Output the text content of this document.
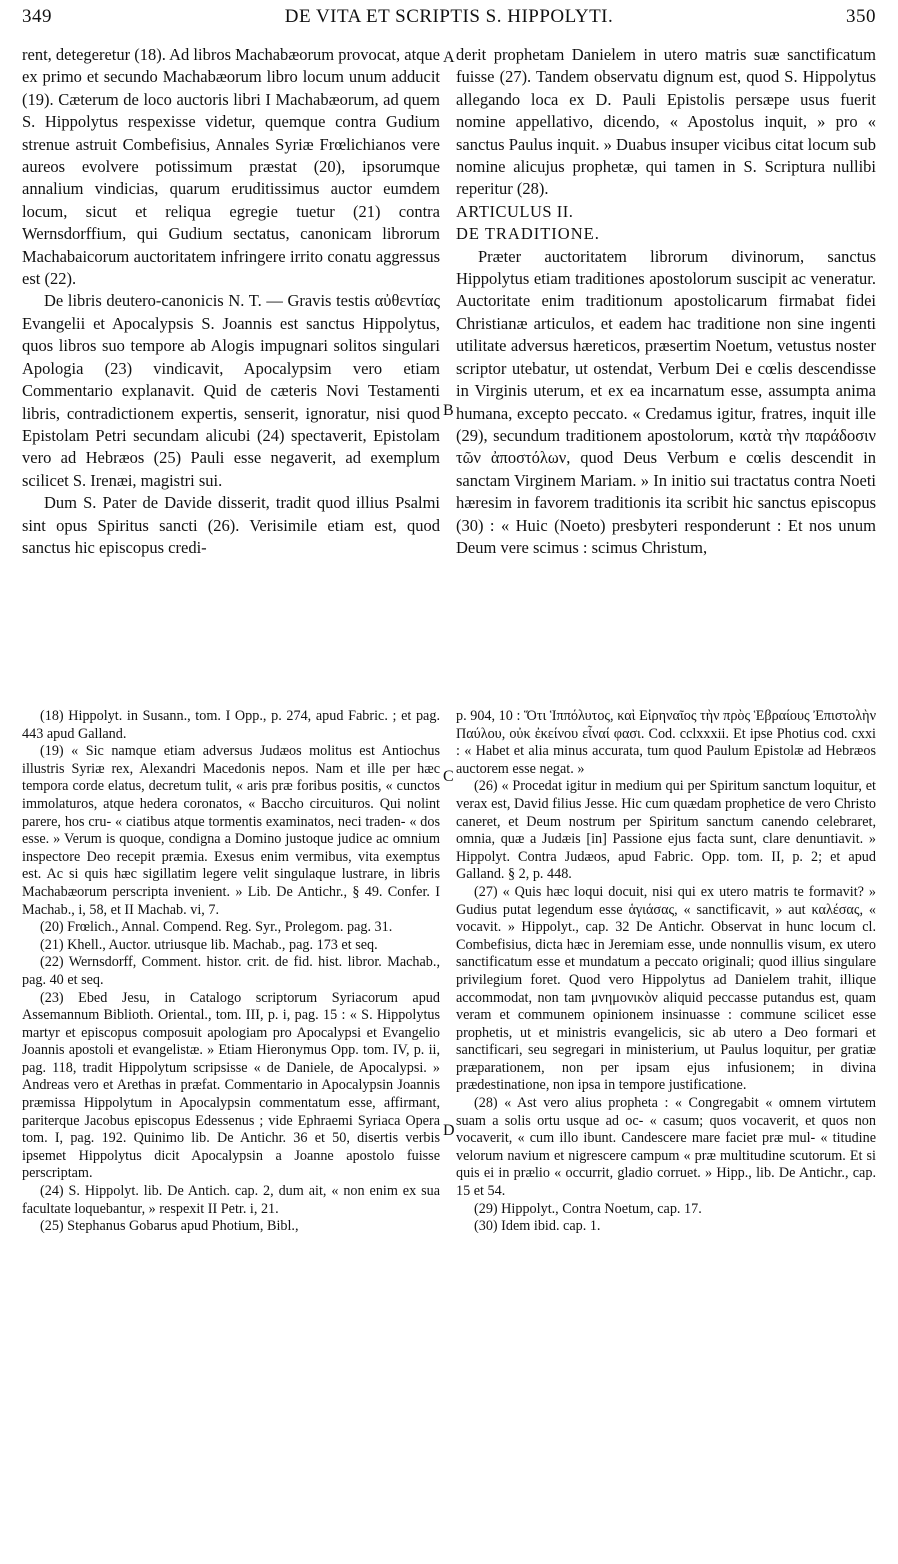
349	DE VITA ET SCRIPTIS S. HIPPOLYTI.	350
A
B
C
D

rent, detegeretur (18). Ad libros Machabæorum provocat, atque ex primo et secundo Machabæorum libro locum unum adducit (19). Cæterum de loco auctoris libri I Machabæorum, ad quem S. Hippolytus respexisse videtur, quemque contra Gudium strenue astruit Combefisius, Annales Syriæ Frœlichianos vere aureos evolvere potissimum præstat (20), ipsorumque annalium vindicias, quarum eruditissimus auctor eumdem locum, sicut et reliqua egregie tuetur (21) contra Wernsdorffium, qui Gudium sectatus, canonicam librorum Machabaicorum auctoritatem infringere irrito conatu aggressus est (22).

De libris deutero-canonicis N. T. — Gravis testis αὐθεντίας Evangelii et Apocalypsis S. Joannis est sanctus Hippolytus, quos libros suo tempore ab Alogis impugnari solitos singulari Apologia (23) vindicavit, Apocalypsim vero etiam Commentario explanavit. Quid de cæteris Novi Testamenti libris, contradictionem expertis, senserit, ignoratur, nisi quod Epistolam Petri secundam alicubi (24) spectaverit, Epistolam vero ad Hebræos (25) Pauli esse negaverit, ad exemplum scilicet S. Irenæi, magistri sui.

Dum S. Pater de Davide disserit, tradit quod illius Psalmi sint opus Spiritus sancti (26). Verisimile etiam est, quod sanctus hic episcopus credi-

derit prophetam Danielem in utero matris suæ sanctificatum fuisse (27). Tandem observatu dignum est, quod S. Hippolytus allegando loca ex D. Pauli Epistolis persæpe usus fuerit nomine appellativo, dicendo, « Apostolus inquit, » pro « sanctus Paulus inquit. » Duabus insuper vicibus citat locum sub nomine alicujus prophetæ, qui tamen in S. Scriptura nullibi reperitur (28).

ARTICULUS II.

DE TRADITIONE.

Præter auctoritatem librorum divinorum, sanctus Hippolytus etiam traditiones apostolorum suscipit ac veneratur. Auctoritate enim traditionum apostolicarum firmabat fidei Christianæ articulos, et eadem hac traditione non sine ingenti utilitate adversus hæreticos, præsertim Noetum, vetustus noster scriptor utebatur, ut ostendat, Verbum Dei e cœlis descendisse in Virginis uterum, et ex ea incarnatum esse, assumpta anima humana, excepto peccato. « Credamus igitur, fratres, inquit ille (29), secundum traditionem apostolorum, κατὰ τὴν παράδοσιν τῶν ἀποστόλων, quod Deus Verbum e cœlis descendit in sanctam Virginem Mariam. » In initio sui tractatus contra Noeti hæresim in favorem traditionis ita scribit hic sanctus episcopus (30) : « Huic (Noeto) presbyteri responderunt : Et nos unum Deum vere scimus : scimus Christum,

(18) Hippolyt. in Susann., tom. I Opp., p. 274, apud Fabric. ; et pag. 443 apud Galland.

(19) « Sic namque etiam adversus Judæos molitus est Antiochus illustris Syriæ rex, Alexandri Macedonis nepos. Nam et ille per hæc tempora corde elatus, decretum tulit, « aris præ foribus positis, « cunctos immolaturos, atque hedera coronatos, « Baccho circuituros. Qui nolint parere, hos cru- « ciatibus atque tormentis examinatos, neci traden- « dos esse. » Verum is quoque, condigna a Domino justoque judice ac omnium inspectore Deo recepit præmia. Exesus enim vermibus, vita exemptus est. Ac si quis hæc sigillatim legere velit singulaque lustrare, in libris Machabæorum perscripta invenient. » Lib. De Antichr., § 49. Confer. I Machab., i, 58, et II Machab. vi, 7.

(20) Frœlich., Annal. Compend. Reg. Syr., Prolegom. pag. 31.

(21) Khell., Auctor. utriusque lib. Machab., pag. 173 et seq.

(22) Wernsdorff, Comment. histor. crit. de fid. hist. libror. Machab., pag. 40 et seq.

(23) Ebed Jesu, in Catalogo scriptorum Syriacorum apud Assemannum Biblioth. Oriental., tom. III, p. i, pag. 15 : « S. Hippolytus martyr et episcopus composuit apologiam pro Apocalypsi et Evangelio Joannis apostoli et evangelistæ. » Etiam Hieronymus Opp. tom. IV, p. ii, pag. 118, tradit Hippolytum scripsisse « de Daniele, de Apocalypsi. » Andreas vero et Arethas in præfat. Commentario in Apocalypsin Joannis præmissa Hippolytum in Apocalypsin commentatum esse, affirmant, pariterque Jacobus episcopus Edessenus ; vide Ephraemi Syriaca Opera tom. I, pag. 192. Quinimo lib. De Antichr. 36 et 50, disertis verbis ipsemet Hippolytus dicit Apocalypsin a Joanne apostolo fuisse perscriptam.

(24) S. Hippolyt. lib. De Antich. cap. 2, dum ait, « non enim ex sua facultate loquebantur, » respexit II Petr. i, 21.

(25) Stephanus Gobarus apud Photium, Bibl.,

p. 904, 10 : Ὅτι Ἱππόλυτος, καὶ Εἰρηναῖος τὴν πρὸς Ἑβραίους Ἐπιστολὴν Παύλου, οὐκ ἐκείνου εἶναί φασι. Cod. cclxxxii. Et ipse Photius cod. cxxi : « Habet et alia minus accurata, tum quod Paulum Epistolæ ad Hebræos auctorem esse negat. »

(26) « Procedat igitur in medium qui per Spiritum sanctum loquitur, et verax est, David filius Jesse. Hic cum quædam prophetice de vero Christo caneret, et Deum nostrum per Spiritum sanctum canendo celebraret, omnia, quæ a Judæis [in] Passione ejus facta sunt, clare denuntiavit. » Hippolyt. Contra Judæos, apud Fabric. Opp. tom. II, p. 2; et apud Galland. § 2, p. 448.

(27) « Quis hæc loqui docuit, nisi qui ex utero matris te formavit? » Gudius putat legendum esse ἁγιάσας, « sanctificavit, » aut καλέσας, « vocavit. » Hippolyt., cap. 32 De Antichr. Observat in hunc locum cl. Combefisius, dicta hæc in Jeremiam esse, unde nonnullis visum, ex utero sanctificatum esse et mundatum a peccato originali; quod illius singulare privilegium foret. Quod vero Hippolytus ad Danielem trahit, illique accommodat, non tam μνημονικὸν aliquid peccasse putandus est, quam veram et communem opinionem insinuasse : commune scilicet esse prophetis, ut et ministris evangelicis, sic ab utero a Deo formari et sanctificari, seu segregari in ministerium, ut Paulus loquitur, per gratiæ præparationem, non per ipsam ejus infusionem; in divina prædestinatione, non ipsa in tempore justificatione.

(28) « Ast vero alius propheta : « Congregabit « omnem virtutem suam a solis ortu usque ad oc- « casum; quos vocaverit, et quos non vocaverit, « cum illo ibunt. Candescere mare faciet præ mul- « titudine velorum navium et nigrescere campum « præ multitudine scutorum. Et si quis ei in prælio « occurrit, gladio corruet. » Hipp., lib. De Antichr., cap. 15 et 54.

(29) Hippolyt., Contra Noetum, cap. 17.

(30) Idem ibid. cap. 1.
